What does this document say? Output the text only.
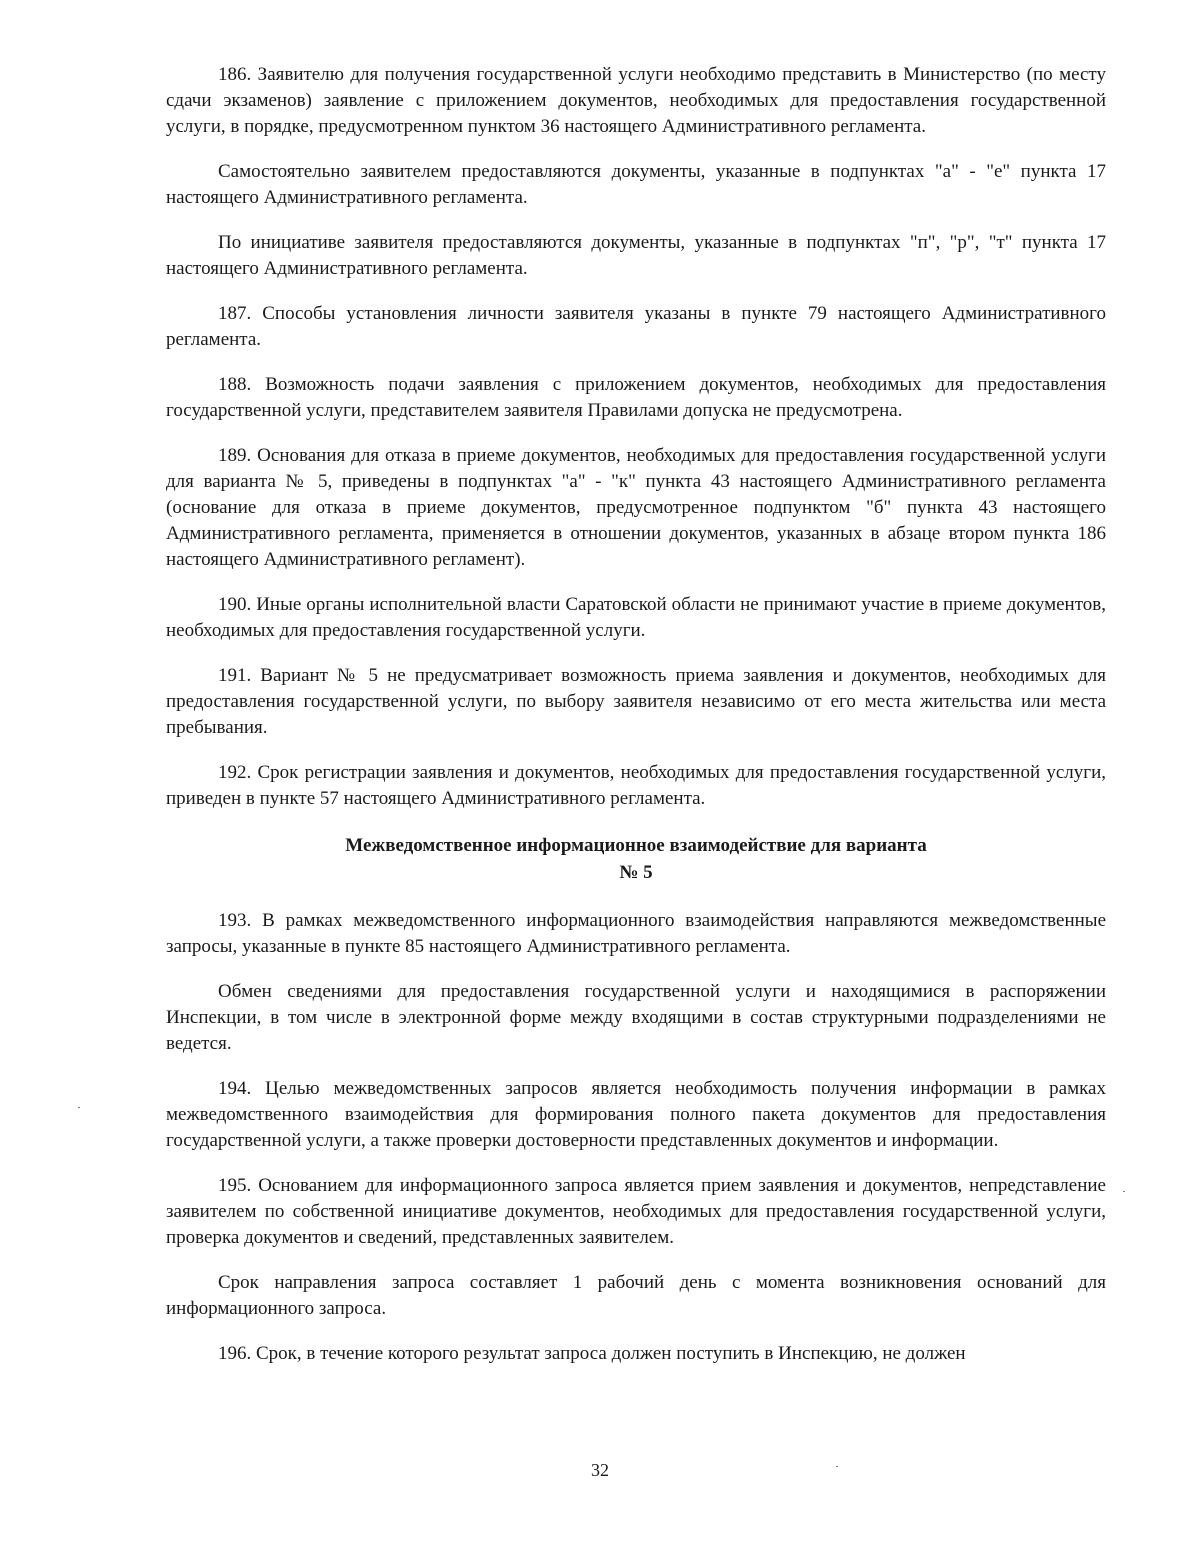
186. Заявителю для получения государственной услуги необходимо представить в Министерство (по месту сдачи экзаменов) заявление с приложением документов, необходимых для предоставления государственной услуги, в порядке, предусмотренном пунктом 36 настоящего Административного регламента.

Самостоятельно заявителем предоставляются документы, указанные в подпунктах "а" - "е" пункта 17 настоящего Административного регламента.

По инициативе заявителя предоставляются документы, указанные в подпунктах "п", "р", "т" пункта 17 настоящего Административного регламента.

187. Способы установления личности заявителя указаны в пункте 79 настоящего Административного регламента.

188. Возможность подачи заявления с приложением документов, необходимых для предоставления государственной услуги, представителем заявителя Правилами допуска не предусмотрена.

189. Основания для отказа в приеме документов, необходимых для предоставления государственной услуги для варианта № 5, приведены в подпунктах "а" - "к" пункта 43 настоящего Административного регламента (основание для отказа в приеме документов, предусмотренное подпунктом "б" пункта 43 настоящего Административного регламента, применяется в отношении документов, указанных в абзаце втором пункта 186 настоящего Административного регламент).

190. Иные органы исполнительной власти Саратовской области не принимают участие в приеме документов, необходимых для предоставления государственной услуги.

191. Вариант № 5 не предусматривает возможность приема заявления и документов, необходимых для предоставления государственной услуги, по выбору заявителя независимо от его места жительства или места пребывания.

192. Срок регистрации заявления и документов, необходимых для предоставления государственной услуги, приведен в пункте 57 настоящего Административного регламента.

Межведомственное информационное взаимодействие для варианта
№ 5

193. В рамках межведомственного информационного взаимодействия направляются межведомственные запросы, указанные в пункте 85 настоящего Административного регламента.

Обмен сведениями для предоставления государственной услуги и находящимися в распоряжении Инспекции, в том числе в электронной форме между входящими в состав структурными подразделениями не ведется.

194. Целью межведомственных запросов является необходимость получения информации в рамках межведомственного взаимодействия для формирования полного пакета документов для предоставления государственной услуги, а также проверки достоверности представленных документов и информации.

195. Основанием для информационного запроса является прием заявления и документов, непредставление заявителем по собственной инициативе документов, необходимых для предоставления государственной услуги, проверка документов и сведений, представленных заявителем.

Срок направления запроса составляет 1 рабочий день с момента возникновения оснований для информационного запроса.

196. Срок, в течение которого результат запроса должен поступить в Инспекцию, не должен

32
